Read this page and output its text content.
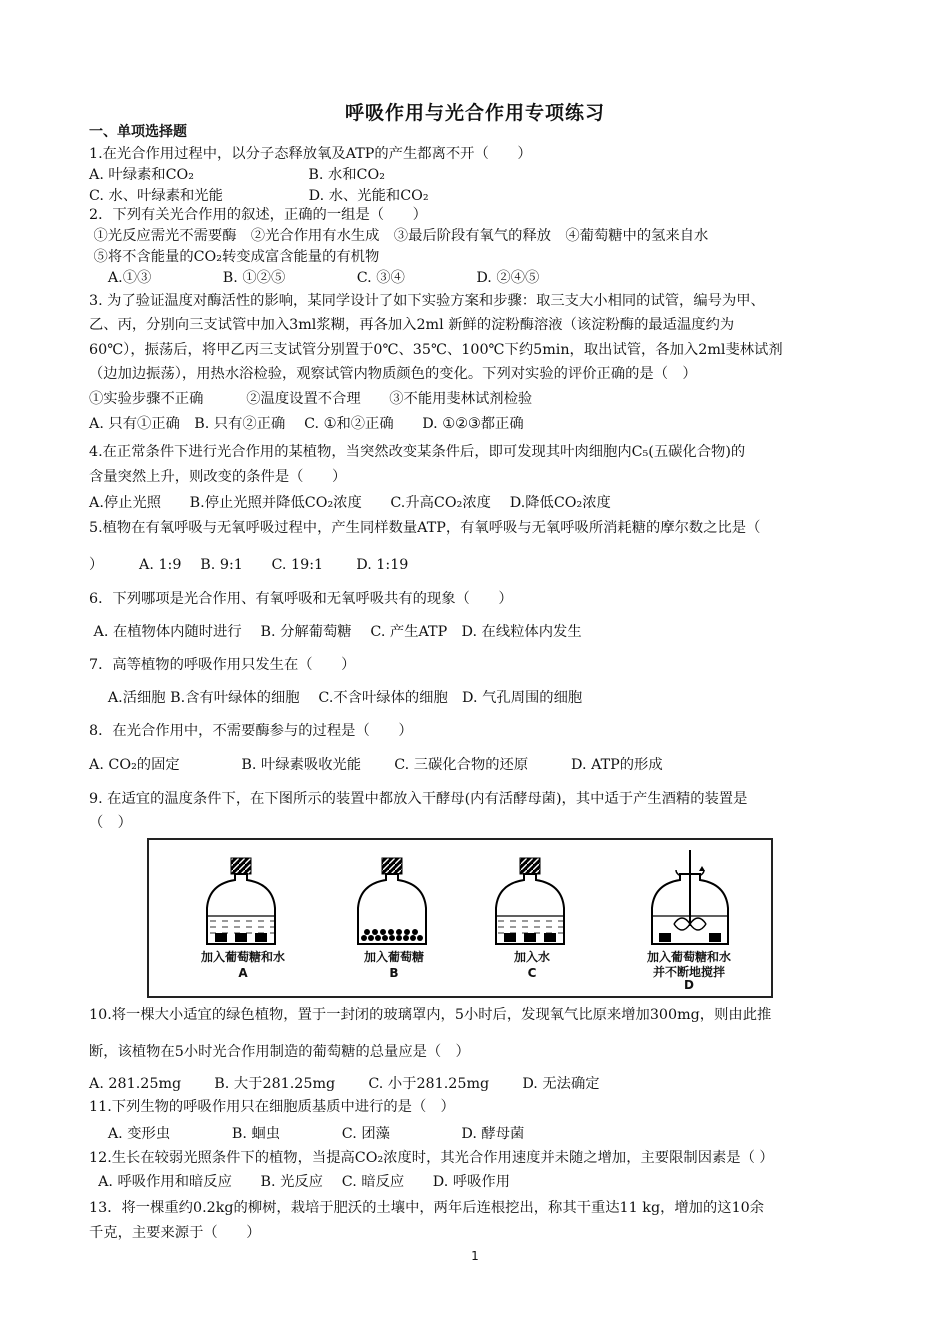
呼吸作用与光合作用专项练习
一、单项选择题
1.在光合作用过程中，以分子态释放氧及ATP的产生都离不开（　　）
A. 叶绿素和CO₂　　　　　　　　B. 水和CO₂
C. 水、叶绿素和光能　　　　　　D. 水、光能和CO₂
2．下列有关光合作用的叙述，正确的一组是（　　）
①光反应需光不需要酶　②光合作用有水生成　③最后阶段有氧气的释放　④葡萄糖中的氢来自水
⑤将不含能量的CO₂转变成富含能量的有机物
　 A.①③　　　　　B. ①②⑤　　　　　C. ③④　　　　　D. ②④⑤
3. 为了验证温度对酶活性的影响，某同学设计了如下实验方案和步骤：取三支大小相同的试管，编号为甲、
乙、丙，分别向三支试管中加入3ml浆糊，再各加入2ml 新鲜的淀粉酶溶液（该淀粉酶的最适温度约为
60℃），振荡后，将甲乙丙三支试管分别置于0℃、35℃、100℃下约5min，取出试管，各加入2ml斐林试剂
（边加边振荡），用热水浴检验，观察试管内物质颜色的变化。下列对实验的评价正确的是（　）
①实验步骤不正确　　　②温度设置不合理　　③不能用斐林试剂检验
A. 只有①正确　B. 只有②正确　 C. ①和②正确　　D. ①②③都正确
4.在正常条件下进行光合作用的某植物，当突然改变某条件后，即可发现其叶肉细胞内C₅(五碳化合物)的
含量突然上升，则改变的条件是（　　）
A.停止光照　　B.停止光照并降低CO₂浓度　　C.升高CO₂浓度　 D.降低CO₂浓度
5.植物在有氧呼吸与无氧呼吸过程中，产生同样数量ATP，有氧呼吸与无氧呼吸所消耗糖的摩尔数之比是（
）　　　A. 1:9　 B. 9:1　　C. 19:1　　 D. 1:19
6．下列哪项是光合作用、有氧呼吸和无氧呼吸共有的现象（　　）
A. 在植物体内随时进行　 B. 分解葡萄糖　 C. 产生ATP　D. 在线粒体内发生
7．高等植物的呼吸作用只发生在（　　）
　 A.活细胞 B.含有叶绿体的细胞　 C.不含叶绿体的细胞　D. 气孔周围的细胞
8．在光合作用中，不需要酶参与的过程是（　　）
A. CO₂的固定　　　　 B. 叶绿素吸收光能　　 C. 三碳化合物的还原　　　D. ATP的形成
9. 在适宜的温度条件下，在下图所示的装置中都放入干酵母(内有活酵母菌)，其中适于产生酒精的装置是
（　）
加入葡萄糖和水
A
加入葡萄糖
B
加入水
C
加入葡萄糖和水
并不断地搅拌
D
10.将一棵大小适宜的绿色植物，置于一封闭的玻璃罩内，5小时后，发现氧气比原来增加300mg，则由此推
断，该植物在5小时光合作用制造的葡萄糖的总量应是（　）
A. 281.25mg　　 B. 大于281.25mg　　 C. 小于281.25mg　　 D. 无法确定
11.下列生物的呼吸作用只在细胞质基质中进行的是（　）
　 A. 变形虫　　　　 B. 蛔虫　　　　 C. 团藻　　　　　D. 酵母菌
12.生长在较弱光照条件下的植物，当提高CO₂浓度时，其光合作用速度并未随之增加，主要限制因素是（ ）
A. 呼吸作用和暗反应　　B. 光反应　 C. 暗反应　　D. 呼吸作用
13．将一棵重约0.2kg的柳树，栽培于肥沃的土壤中，两年后连根挖出，称其干重达11 kg，增加的这10余
千克，主要来源于（　　）
1
